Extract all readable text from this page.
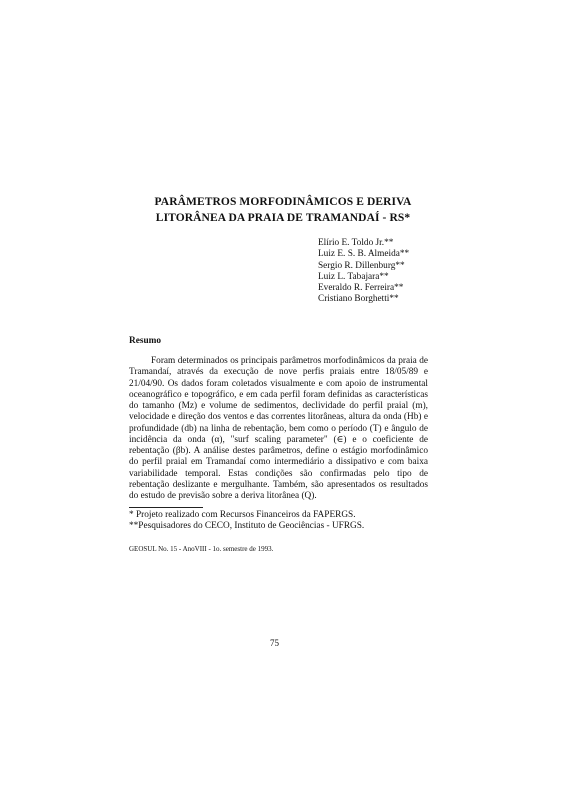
PARÂMETROS MORFODINÂMICOS E DERIVA
LITORÂNEA DA PRAIA DE TRAMANDAÍ - RS*
Elírio E. Toldo Jr.**
Luiz E. S. B. Almeida**
Sergio R. Dillenburg**
Luiz L. Tabajara**
Everaldo R. Ferreira**
Cristiano Borghetti**
Resumo

Foram determinados os principais parâmetros morfodinâmicos da praia de Tramandaí, através da execução de nove perfis praiais entre 18/05/89 e 21/04/90. Os dados foram coletados visualmente e com apoio de instrumental oceanográfico e topográfico, e em cada perfil foram definidas as características do tamanho (Mz) e volume de sedimentos, declividade do perfil praial (m), velocidade e direção dos ventos e das correntes litorâneas, altura da onda (Hb) e profundidade (db) na linha de rebentação, bem como o período (T) e ângulo de incidência da onda (α), "surf scaling parameter" (∈) e o coeficiente de rebentação (βb). A análise destes parâmetros, define o estágio morfodinâmico do perfil praial em Tramandaí como intermediário a dissipativo e com baixa variabilidade temporal. Estas condições são confirmadas pelo tipo de rebentação deslizante e mergulhante. Também, são apresentados os resultados do estudo de previsão sobre a deriva litorânea (Q).

* Projeto realizado com Recursos Financeiros da FAPERGS.
**Pesquisadores do CECO, Instituto de Geociências - UFRGS.
GEOSUL No. 15 - AnoVIII - 1o. semestre de 1993.
75
